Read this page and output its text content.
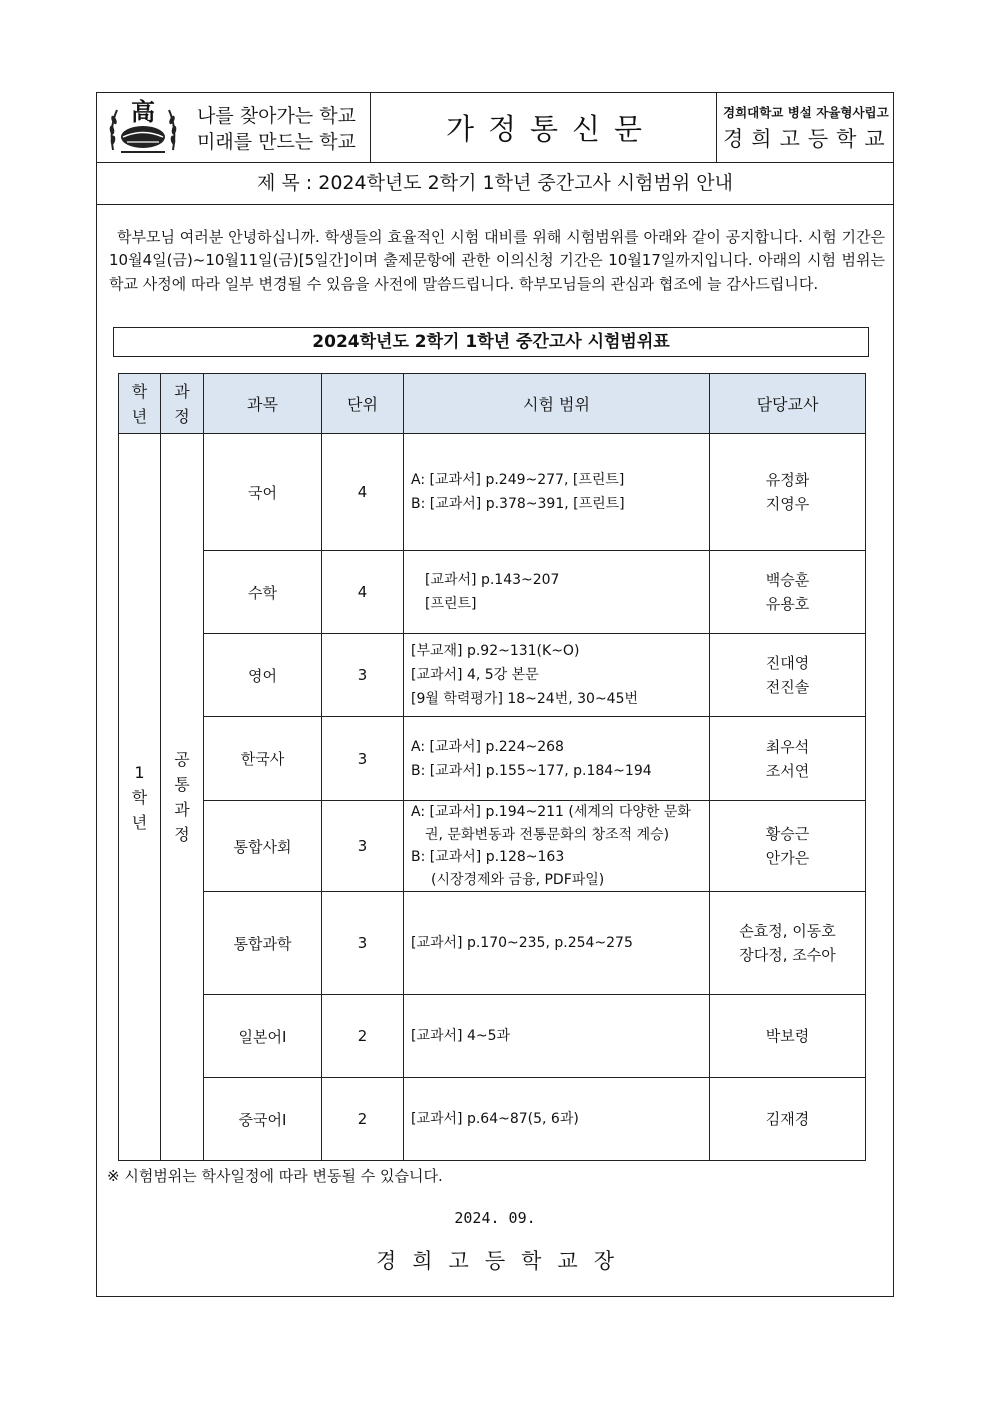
高 나를 찾아가는 학교
미래를 만드는 학교	가정통신문	경희대학교 병설 자율형사립고
경희고등학교
제 목 : 2024학년도 2학기 1학년 중간고사 시험범위 안내
학부모님 여러분 안녕하십니까. 학생들의 효율적인 시험 대비를 위해 시험범위를 아래와 같이 공지합니다. 시험 기간은 10월4일(금)~10월11일(금)[5일간]이며 출제문항에 관한 이의신청 기간은 10월17일까지입니다. 아래의 시험 범위는 학교 사정에 따라 일부 변경될 수 있음을 사전에 말씀드립니다. 학부모님들의 관심과 협조에 늘 감사드립니다.
2024학년도 2학기 1학년 중간고사 시험범위표
학
년	과
정	과목	단위	시험 범위	담당교사

1
학
년	공
통
과
정	국어	4	A: [교과서] p.249~277, [프린트]
B: [교과서] p.378~391, [프린트]	유정화
지영우

		수학	4	[교과서] p.143~207
[프린트]	백승훈
유용호

		영어	3	[부교재] p.92~131(K~O)
[교과서] 4, 5강 본문
[9월 학력평가] 18~24번, 30~45번	진대영
전진솔

		한국사	3	A: [교과서] p.224~268
B: [교과서] p.155~177, p.184~194	최우석
조서연

		통합사회	3	A: [교과서] p.194~211 (세계의 다양한 문화
권, 문화변동과 전통문화의 창조적 계승)
B: [교과서] p.128~163
(시장경제와 금융, PDF파일)	황승근
안가은

		통합과학	3	[교과서] p.170~235, p.254~275	손효정, 이동호
장다정, 조수아

		일본어Ⅰ	2	[교과서] 4~5과	박보령

		중국어Ⅰ	2	[교과서] p.64~87(5, 6과)	김재경
※ 시험범위는 학사일정에 따라 변동될 수 있습니다.
2024. 09.
경희고등학교장
